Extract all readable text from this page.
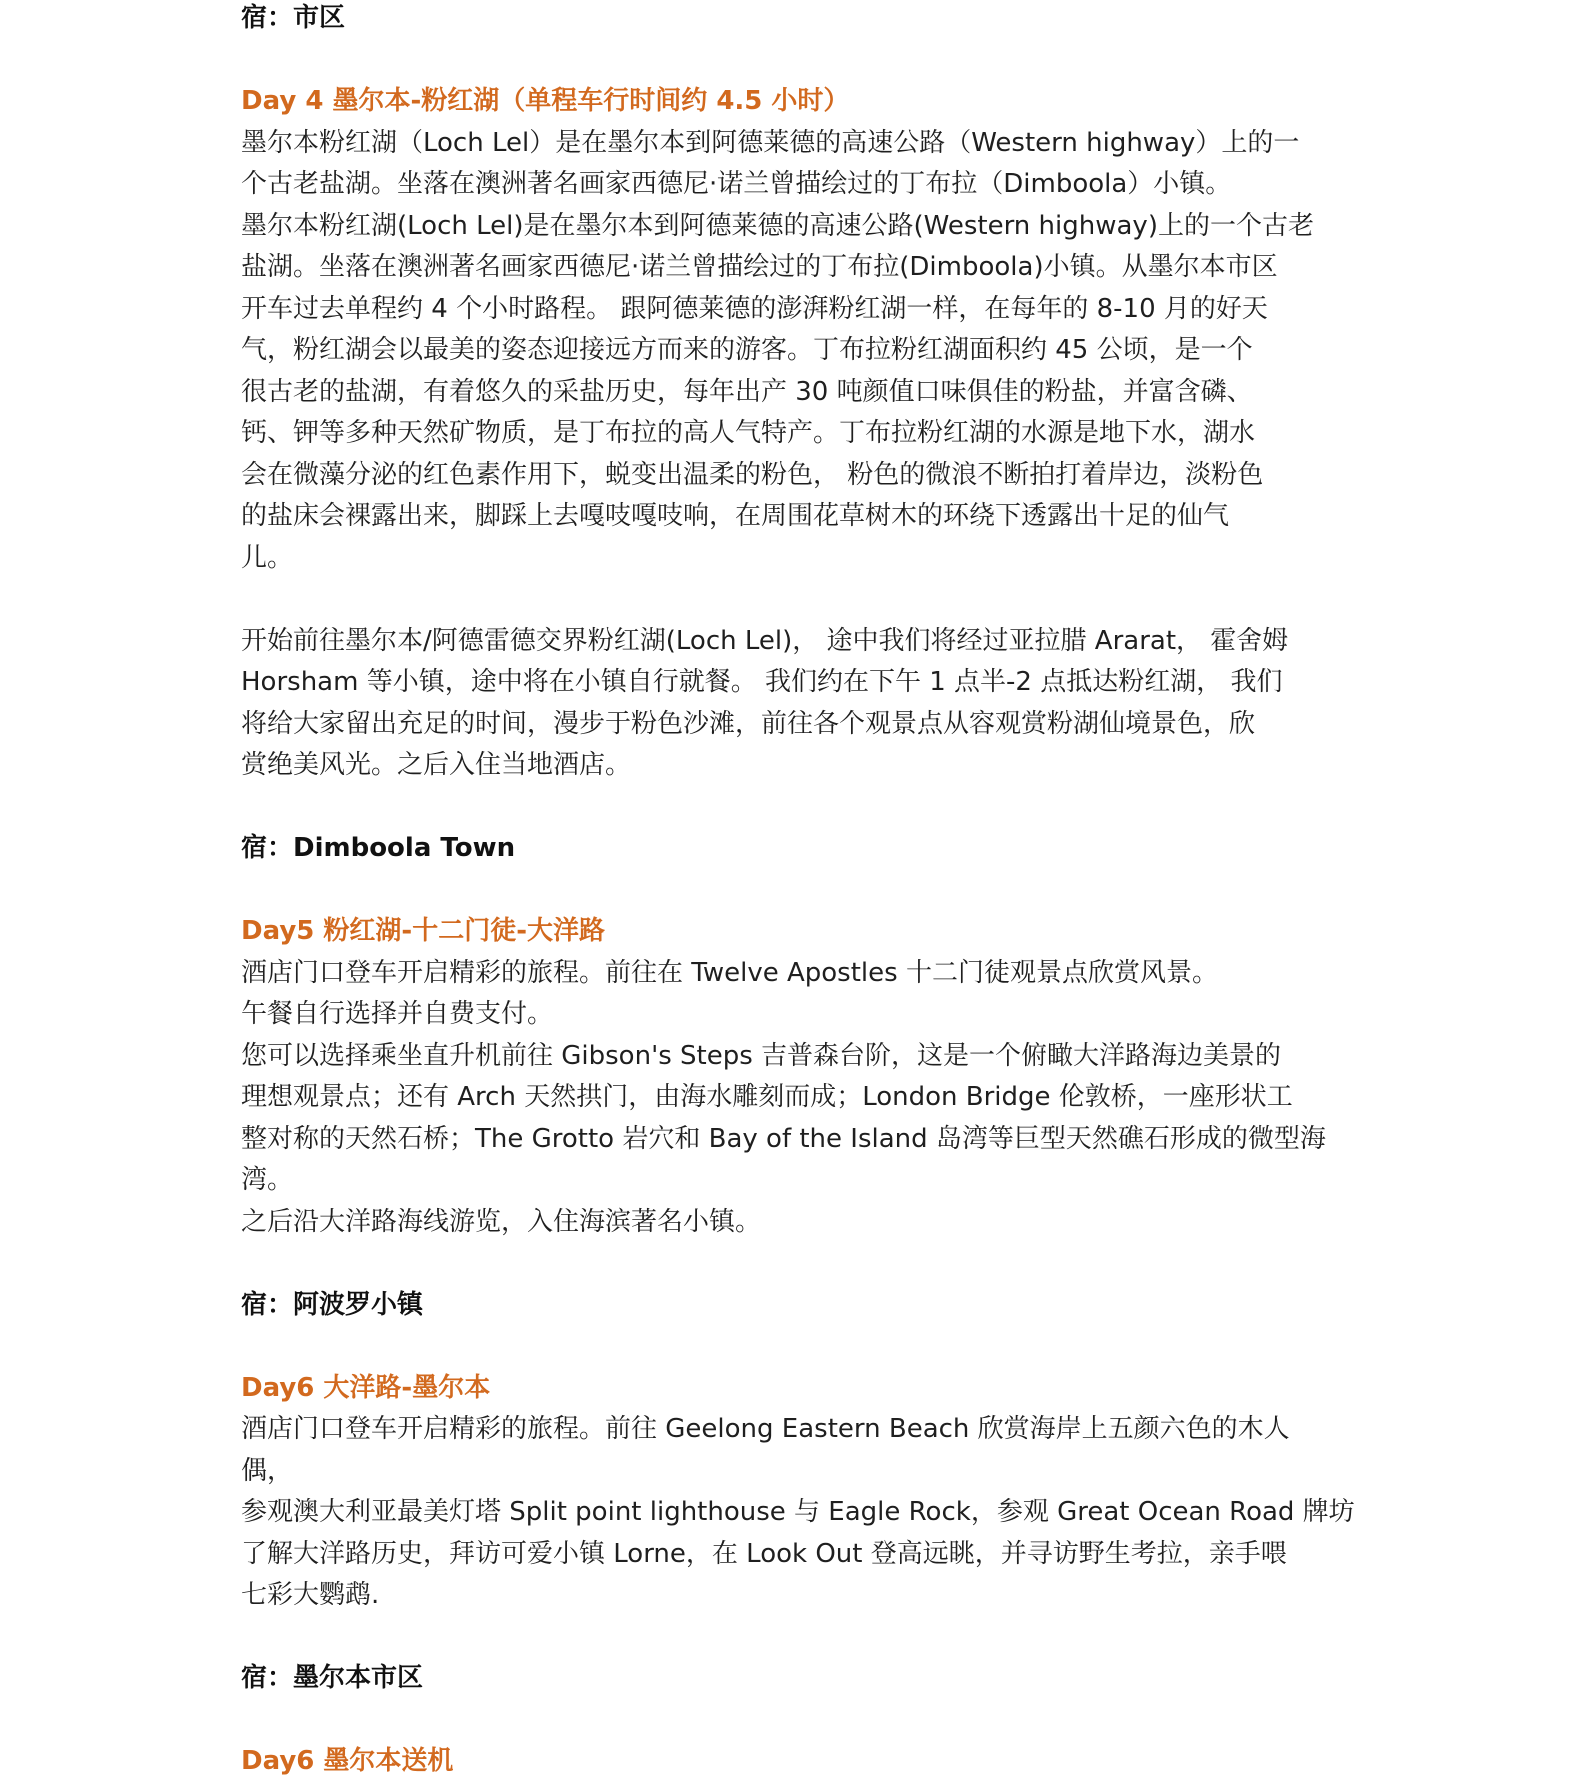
宿：市区
Day 4 墨尔本-粉红湖（单程车行时间约 4.5 小时）
墨尔本粉红湖（Loch Lel）是在墨尔本到阿德莱德的高速公路（Western highway）上的一
个古老盐湖。坐落在澳洲著名画家西德尼·诺兰曾描绘过的丁布拉（Dimboola）小镇。
墨尔本粉红湖(Loch Lel)是在墨尔本到阿德莱德的高速公路(Western highway)上的一个古老
盐湖。坐落在澳洲著名画家西德尼·诺兰曾描绘过的丁布拉(Dimboola)小镇。从墨尔本市区
开车过去单程约 4 个小时路程。 跟阿德莱德的澎湃粉红湖一样，在每年的 8-10 月的好天
气，粉红湖会以最美的姿态迎接远方而来的游客。丁布拉粉红湖面积约 45 公顷，是一个
很古老的盐湖，有着悠久的采盐历史，每年出产 30 吨颜值口味俱佳的粉盐，并富含磷、
钙、钾等多种天然矿物质，是丁布拉的高人气特产。丁布拉粉红湖的水源是地下水，湖水
会在微藻分泌的红色素作用下，蜕变出温柔的粉色， 粉色的微浪不断拍打着岸边，淡粉色
的盐床会裸露出来，脚踩上去嘎吱嘎吱响，在周围花草树木的环绕下透露出十足的仙气
儿。
开始前往墨尔本/阿德雷德交界粉红湖(Loch Lel)， 途中我们将经过亚拉腊 Ararat， 霍舍姆
Horsham 等小镇，途中将在小镇自行就餐。 我们约在下午 1 点半-2 点抵达粉红湖， 我们
将给大家留出充足的时间，漫步于粉色沙滩，前往各个观景点从容观赏粉湖仙境景色，欣
赏绝美风光。之后入住当地酒店。
宿：Dimboola Town
Day5 粉红湖-十二门徒-大洋路
酒店门口登车开启精彩的旅程。前往在 Twelve Apostles 十二门徒观景点欣赏风景。
午餐自行选择并自费支付。
您可以选择乘坐直升机前往 Gibson's Steps 吉普森台阶，这是一个俯瞰大洋路海边美景的
理想观景点；还有 Arch 天然拱门，由海水雕刻而成；London Bridge 伦敦桥，一座形状工
整对称的天然石桥；The Grotto 岩穴和 Bay of the Island 岛湾等巨型天然礁石形成的微型海
湾。
之后沿大洋路海线游览，入住海滨著名小镇。
宿：阿波罗小镇
Day6 大洋路-墨尔本
酒店门口登车开启精彩的旅程。前往 Geelong Eastern Beach 欣赏海岸上五颜六色的木人
偶，
参观澳大利亚最美灯塔 Split point lighthouse 与 Eagle Rock，参观 Great Ocean Road 牌坊
了解大洋路历史，拜访可爱小镇 Lorne，在 Look Out 登高远眺，并寻访野生考拉，亲手喂
七彩大鹦鹉.
宿：墨尔本市区
Day6 墨尔本送机
